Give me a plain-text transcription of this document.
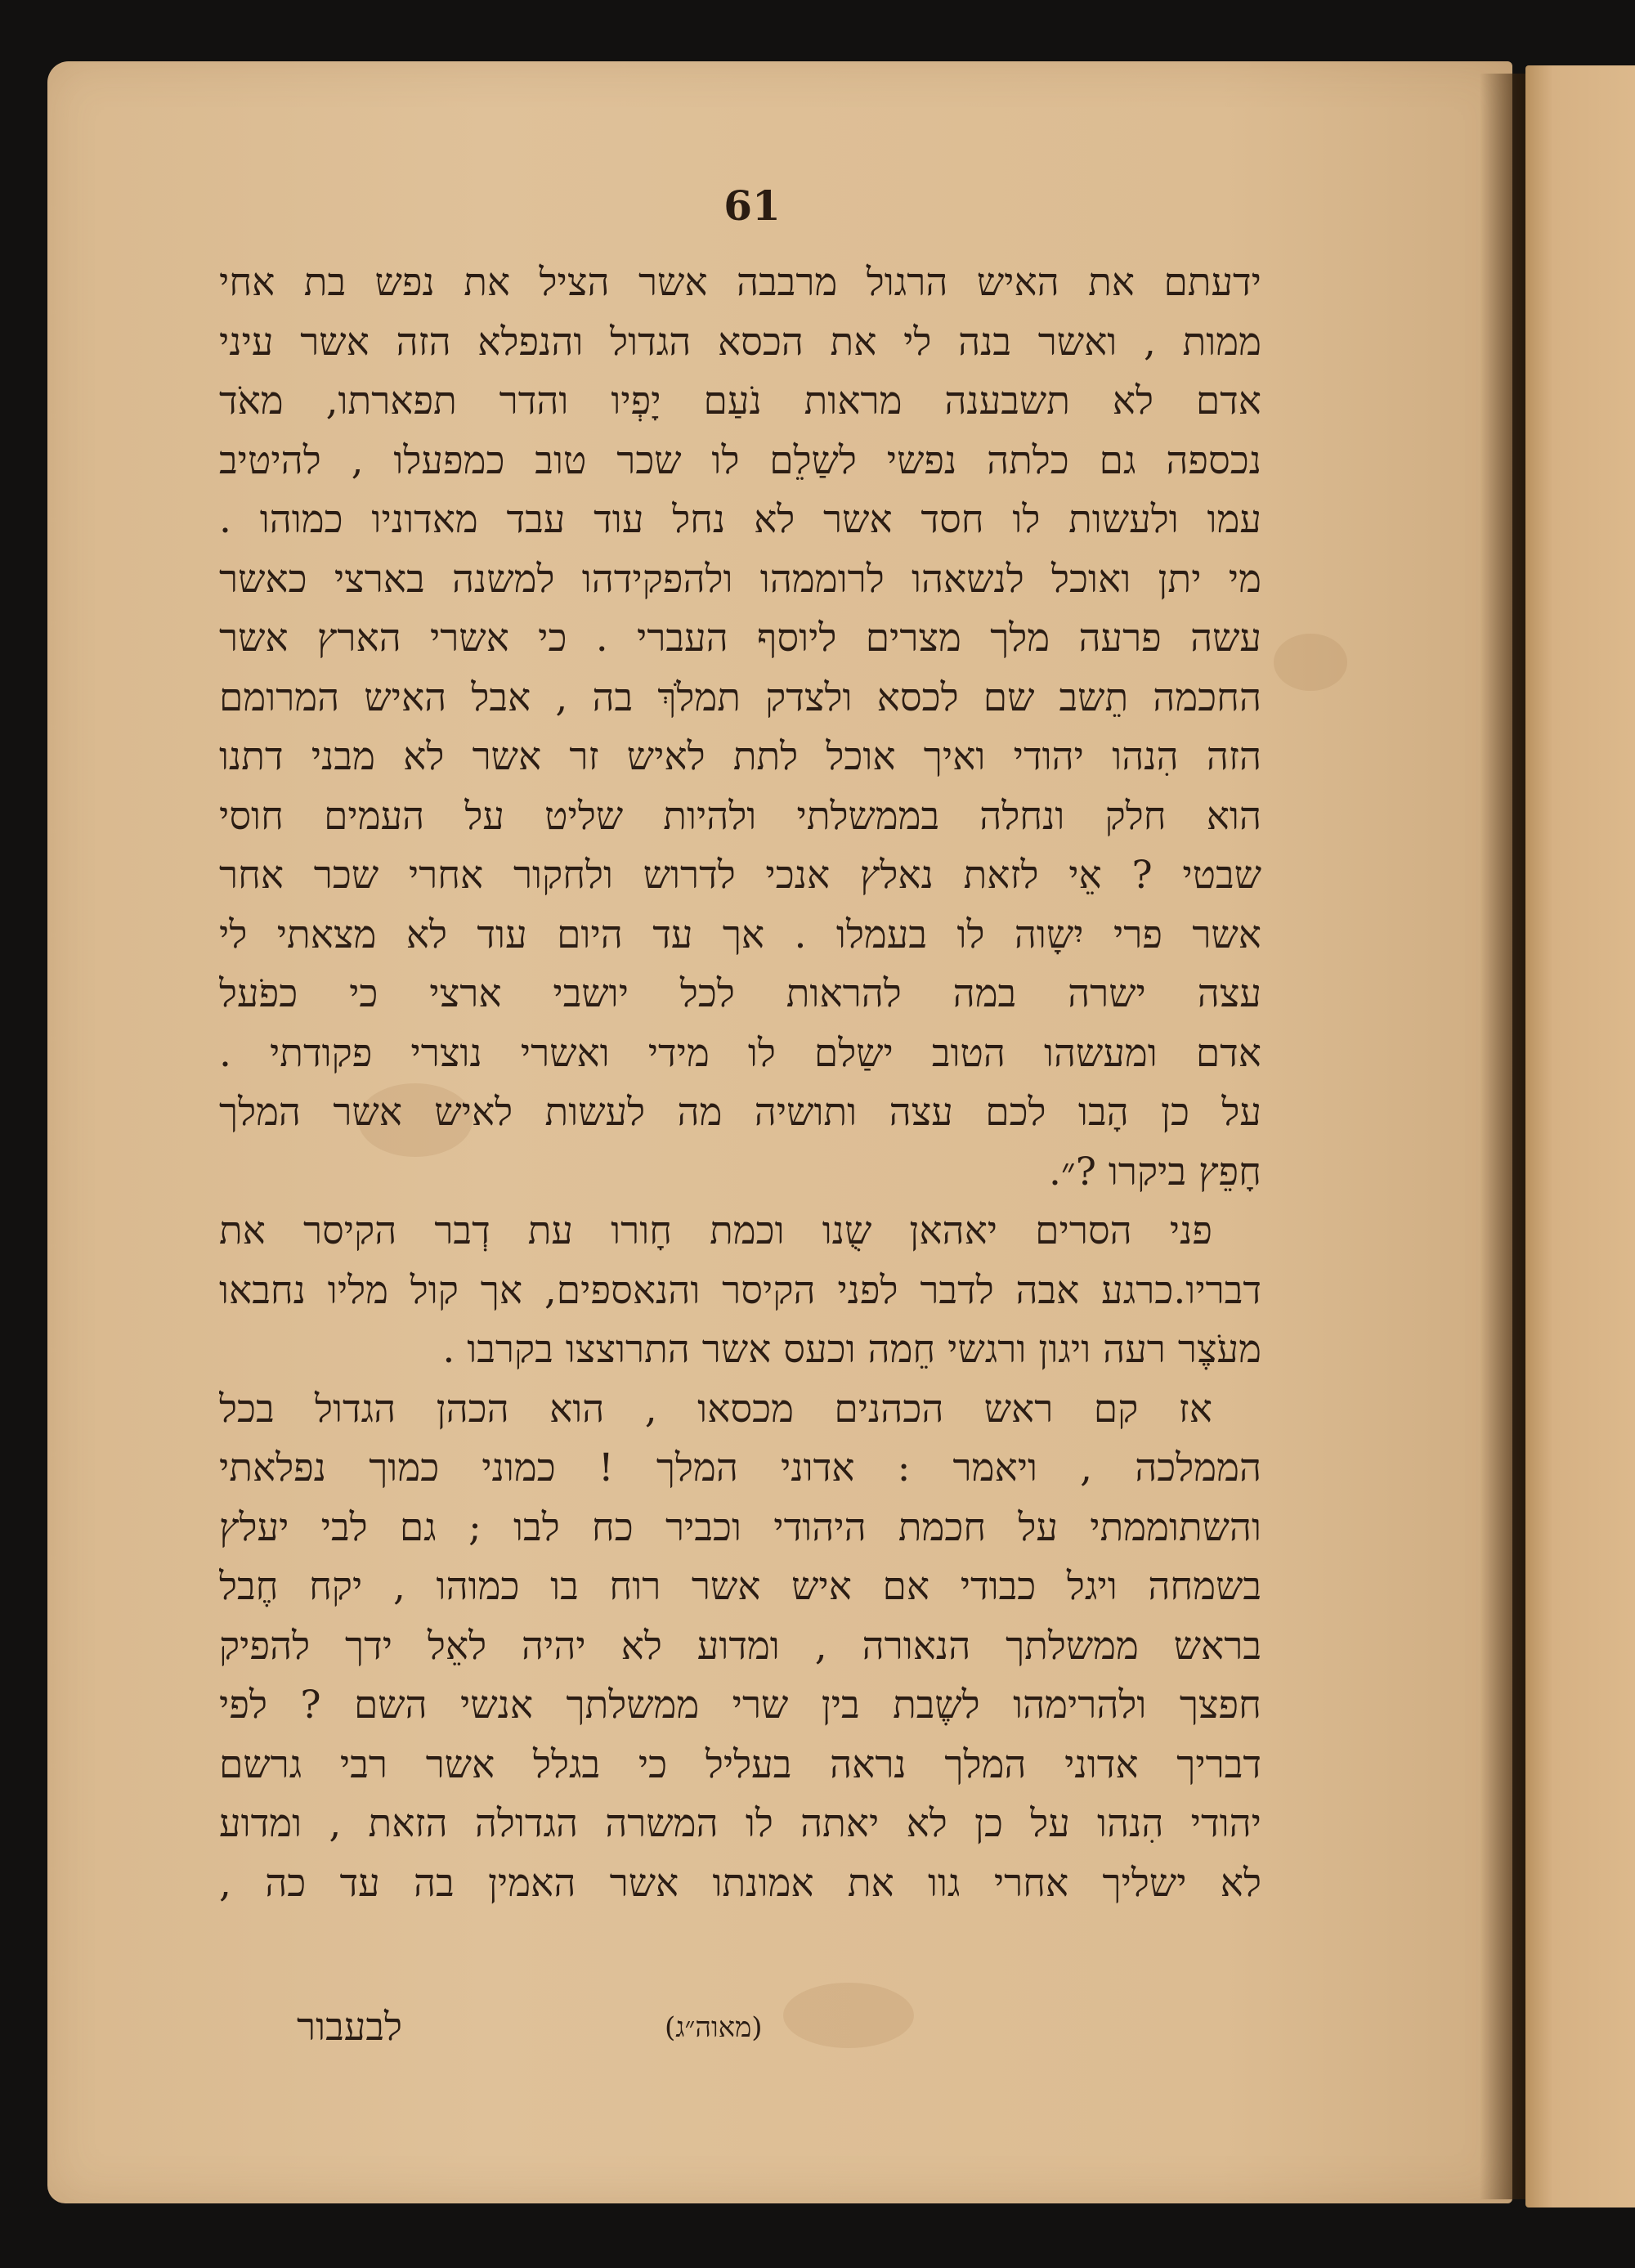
61
ידעתם את האיש הרגול מרבבה אשר הציל את נפש בת אחי
ממות , ואשר בנה לי את הכסא הגדול והנפלא הזה אשר עיני
אדם לא תשבענה מראות נֹעַם יָפְיו והדר תפארתו, מאֹד
נכספה גם כלתה נפשי לשַלֵם לו שכר טוב כמפעלו , להיטיב
עמו ולעשות לו חסד אשר לא נחל עוד עבד מאדוניו כמוהו .
מי יתן ואוכל לנשאהו לרוממהו ולהפקידהו למשנה בארצי כאשר
עשה פרעה מלך מצרים ליוסף העברי . כי אשרי הארץ אשר
החכמה תֵשב שם לכסא ולצדק תמלֹךְ בה , אבל האיש המרומם
הזה הִנהו יהודי ואיך אוכל לתת לאיש זר אשר לא מבני דתנו
הוא חלק ונחלה בממשלתי ולהיות שליט על העמים חוסי
שבטי ? אֵי לזאת נאלץ אנכי לדרוש ולחקור אחרי שכר אחר
אשר פרי יִשָוה לו בעמלו . אך עד היום עוד לא מצאתי לי
עצה ישרה במה להראות לכל יושבי ארצי כי כפֹעל
אדם ומעשהו הטוב ישַלם לו מידי ואשרי נוצרי פקודתי .
על כן הָבו לכם עצה ותושיה מה לעשות לאיש אשר המלך
חָפֵץ ביקרו ?״.
פני הסרים יאהאן שֻנו וכמת חָורו עת דְבר הקיסר את
דבריו.כרגע אבה לדבר לפני הקיסר והנאספים, אך קול מליו נחבאו
מעֹצֶר רעה ויגון ורגשי חֵמה וכעס אשר התרוצצו בקרבו .
אז קם ראש הכהנים מכסאו , הוא הכהן הגדול בכל
הממלכה , ויאמר : אדוני המלך ! כמוני כמוך נפלאתי
והשתוממתי על חכמת היהודי וכביר כח לבו ; גם לבי יעלץ
בשמחה ויגל כבודי אם איש אשר רוח בו כמוהו , יקח חֶבל
בראש ממשלתך הנאורה , ומדוע לא יהיה לאֵל ידך להפיק
חפצך ולהרימהו לשֶבת בין שרי ממשלתך אנשי השם ? לפי
דבריך אדוני המלך נראה בעליל כי בגלל אשר רבי גרשם
יהודי הִנהו על כן לא יאתה לו המשרה הגדולה הזאת , ומדוע
לא ישליך אחרי גוו את אמונתו אשר האמין בה עד כה ,
לבעבור	(מאוה״ג)
